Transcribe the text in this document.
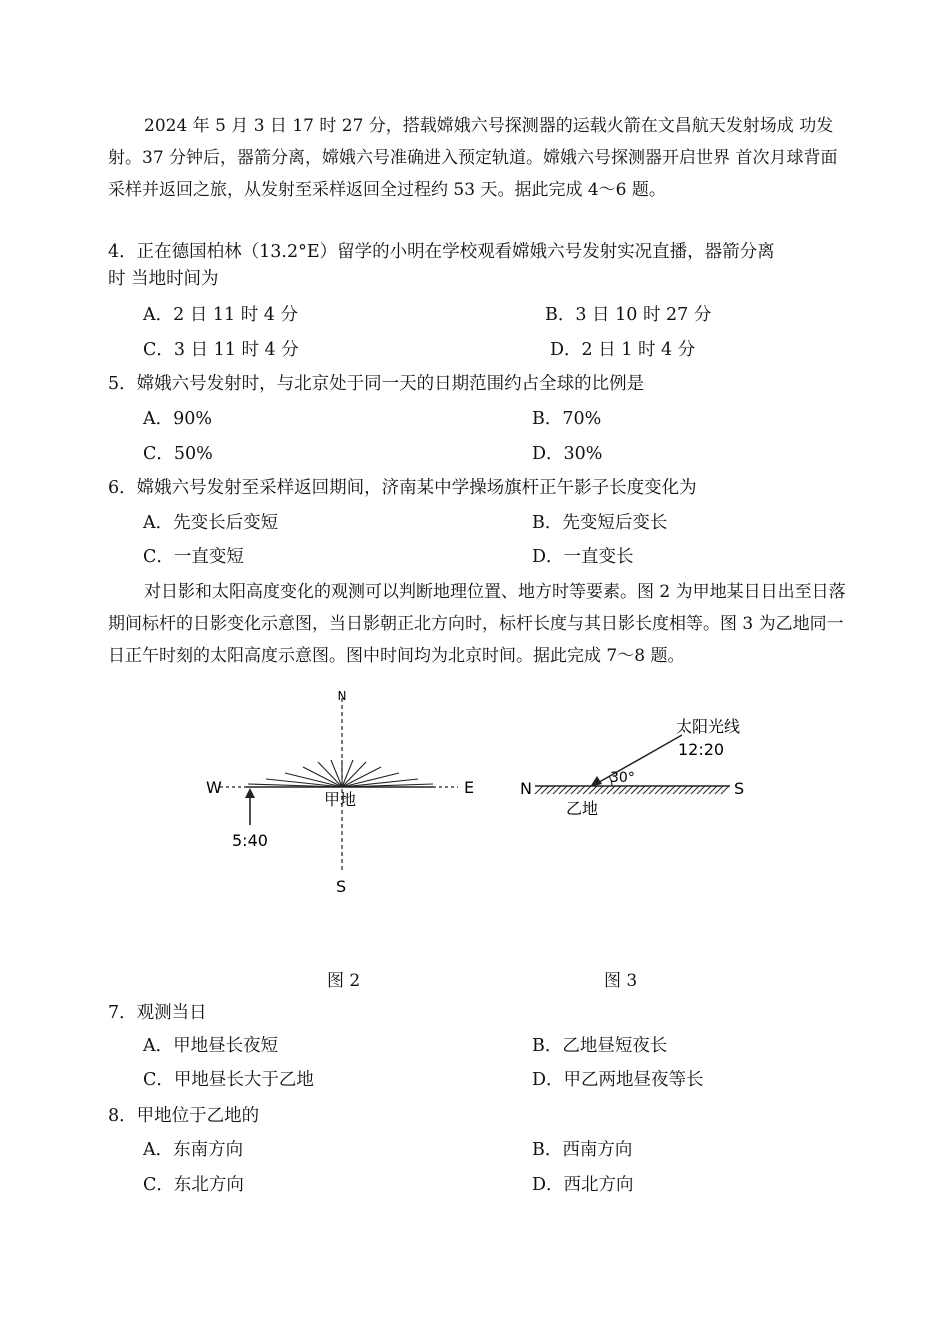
2024 年 5 月 3 日 17 时 27 分，搭载嫦娥六号探测器的运载火箭在文昌航天发射场成 功发射。37 分钟后，器箭分离，嫦娥六号准确进入预定轨道。嫦娥六号探测器开启世界 首次月球背面采样并返回之旅，从发射至采样返回全过程约 53 天。据此完成 4～6 题。
4．正在德国柏林（13.2°E）留学的小明在学校观看嫦娥六号发射实况直播，器箭分离
时 当地时间为
A．2 日 11 时 4 分	B．3 日 10 时 27 分
C．3 日 11 时 4 分	D．2 日 1 时 4 分
5．嫦娥六号发射时，与北京处于同一天的日期范围约占全球的比例是
A．90%	B．70%
C．50%	D．30%
6．嫦娥六号发射至采样返回期间，济南某中学操场旗杆正午影子长度变化为
A．先变长后变短	B．先变短后变长
C．一直变短	D．一直变长
对日影和太阳高度变化的观测可以判断地理位置、地方时等要素。图 2 为甲地某日日出至日落期间标杆的日影变化示意图，当日影朝正北方向时，标杆长度与其日影长度相等。图 3 为乙地同一日正午时刻的太阳高度示意图。图中时间均为北京时间。据此完成 7～8 题。
N
W	E
S
甲地
5:40
N	S
太阳光线
12:20
30°
乙地
图 2	图 3
7．观测当日
A．甲地昼长夜短	B．乙地昼短夜长
C．甲地昼长大于乙地	D．甲乙两地昼夜等长
8．甲地位于乙地的
A．东南方向	B．西南方向
C．东北方向	D．西北方向
